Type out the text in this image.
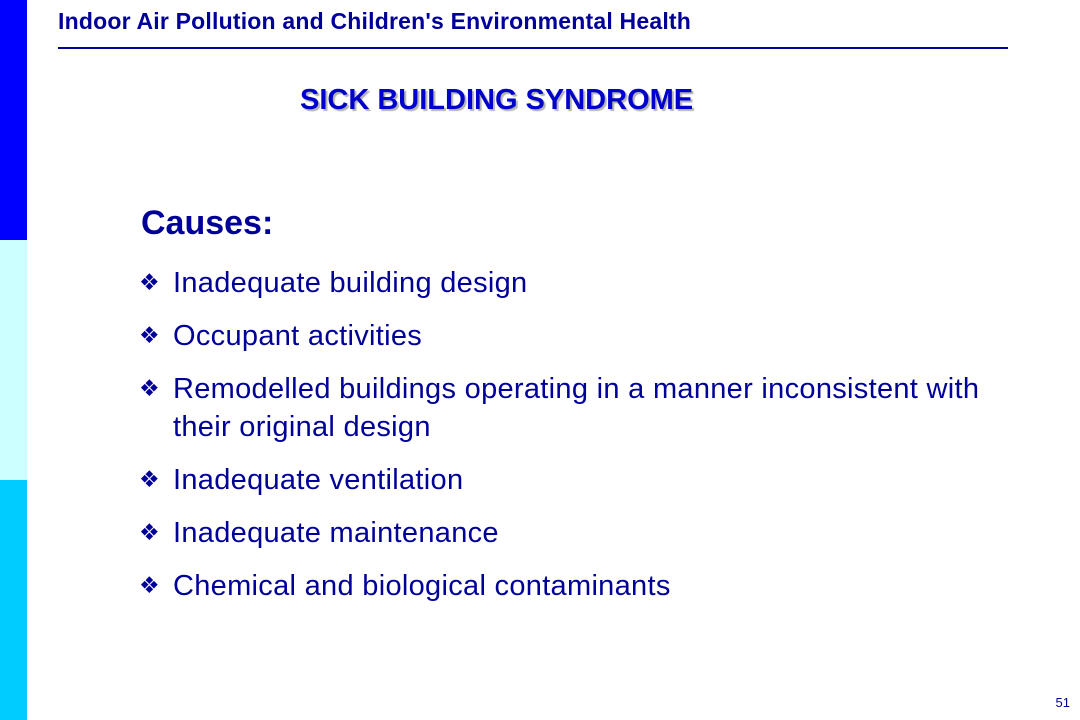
Indoor Air Pollution and Children's Environmental Health
SICK BUILDING SYNDROME
Causes:
❖ Inadequate building design
❖ Occupant activities
❖ Remodelled buildings operating in a manner inconsistent with their original design
❖ Inadequate ventilation
❖ Inadequate maintenance
❖ Chemical and biological contaminants
51
